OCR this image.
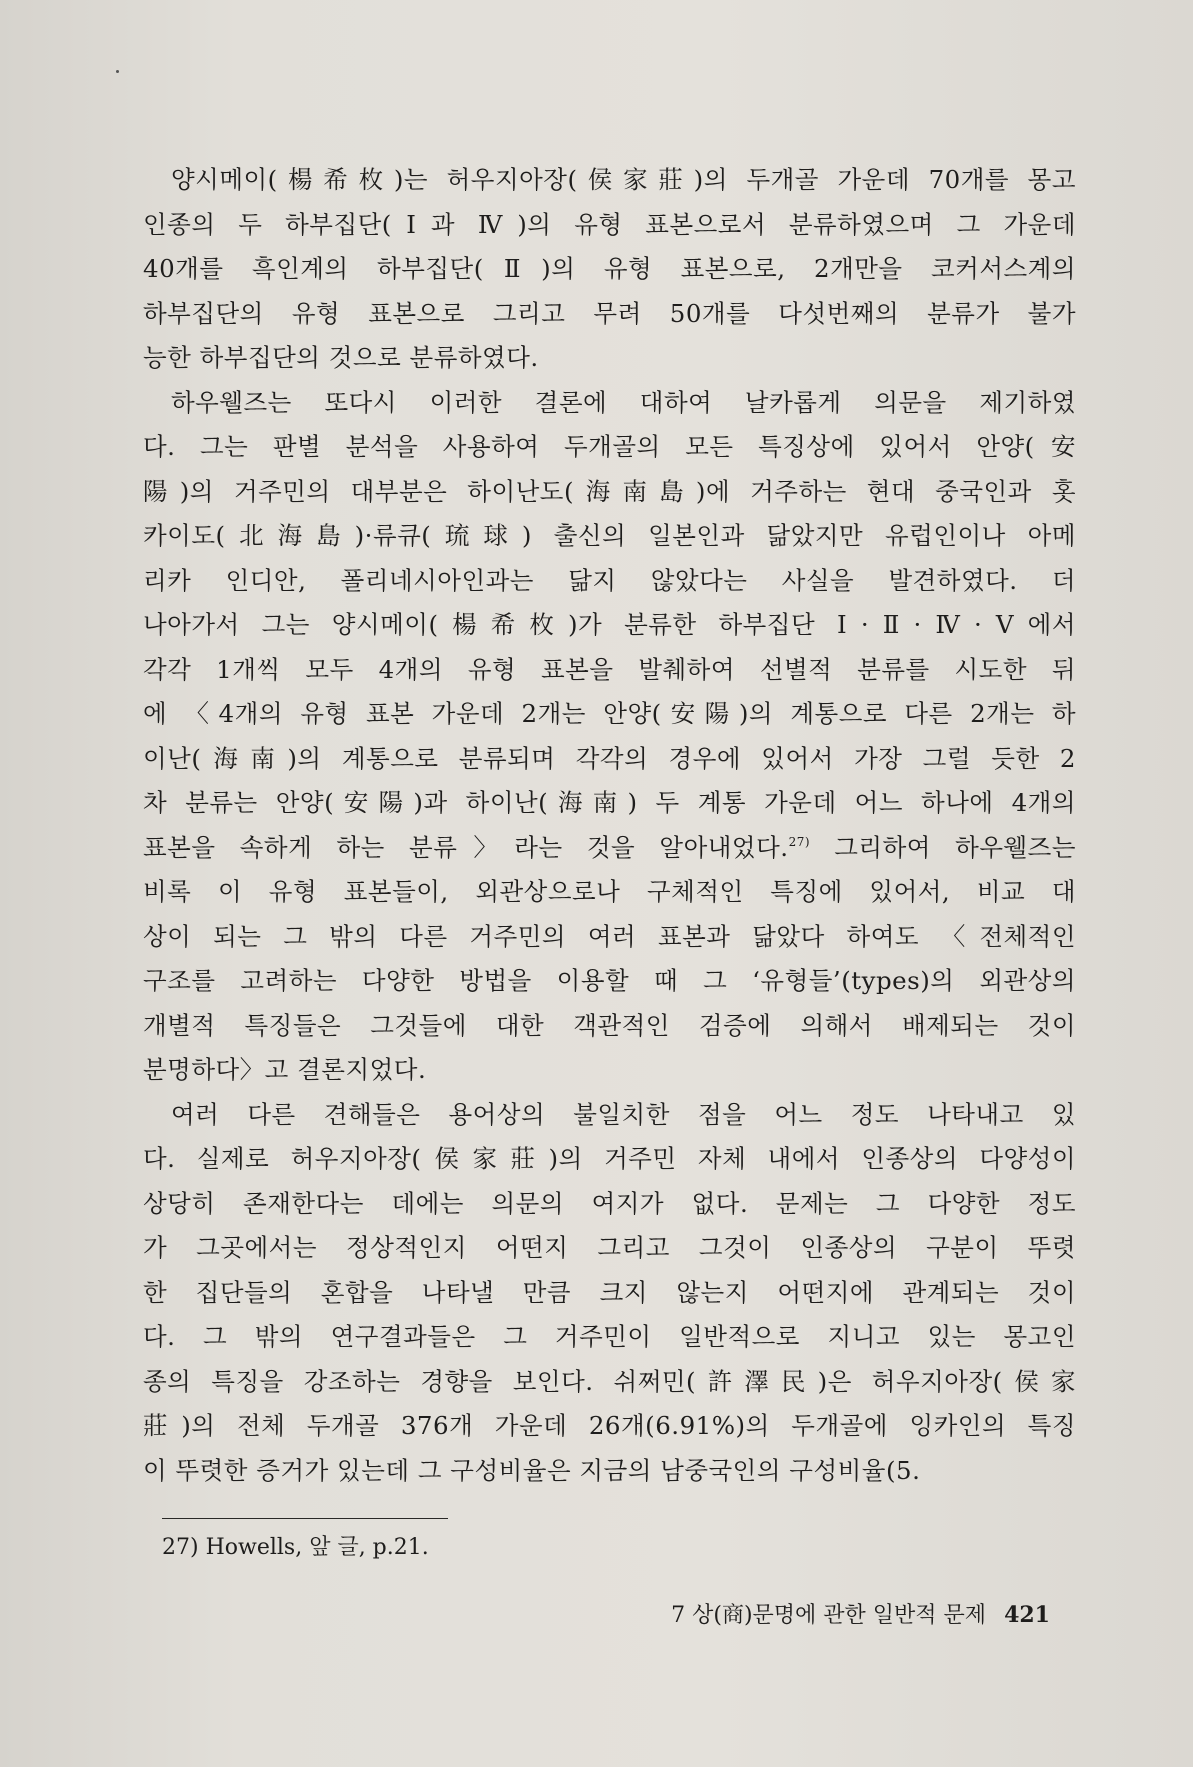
양시메이(楊希枚)는 허우지아장(侯家莊)의 두개골 가운데 70개를 몽고
인종의 두 하부집단(Ⅰ과 Ⅳ)의 유형 표본으로서 분류하였으며 그 가운데
40개를 흑인계의 하부집단(Ⅱ)의 유형 표본으로, 2개만을 코커서스계의
하부집단의 유형 표본으로 그리고 무려 50개를 다섯번째의 분류가 불가
능한 하부집단의 것으로 분류하였다.
하우웰즈는 또다시 이러한 결론에 대하여 날카롭게 의문을 제기하였
다. 그는 판별 분석을 사용하여 두개골의 모든 특징상에 있어서 안양(安
陽)의 거주민의 대부분은 하이난도(海南島)에 거주하는 현대 중국인과 홋
카이도(北海島)·류큐(琉球) 출신의 일본인과 닮았지만 유럽인이나 아메
리카 인디안, 폴리네시아인과는 닮지 않았다는 사실을 발견하였다. 더
나아가서 그는 양시메이(楊希枚)가 분류한 하부집단 Ⅰ·Ⅱ·Ⅳ·Ⅴ에서
각각 1개씩 모두 4개의 유형 표본을 발췌하여 선별적 분류를 시도한 뒤
에 〈4개의 유형 표본 가운데 2개는 안양(安陽)의 계통으로 다른 2개는 하
이난(海南)의 계통으로 분류되며 각각의 경우에 있어서 가장 그럴 듯한 2
차 분류는 안양(安陽)과 하이난(海南) 두 계통 가운데 어느 하나에 4개의
표본을 속하게 하는 분류〉라는 것을 알아내었다.$^{27)}$ 그리하여 하우웰즈는
비록 이 유형 표본들이, 외관상으로나 구체적인 특징에 있어서, 비교 대
상이 되는 그 밖의 다른 거주민의 여러 표본과 닮았다 하여도 〈전체적인
구조를 고려하는 다양한 방법을 이용할 때 그 ‘유형들’(types)의 외관상의
개별적 특징들은 그것들에 대한 객관적인 검증에 의해서 배제되는 것이
분명하다〉고 결론지었다.
여러 다른 견해들은 용어상의 불일치한 점을 어느 정도 나타내고 있
다. 실제로 허우지아장(侯家莊)의 거주민 자체 내에서 인종상의 다양성이
상당히 존재한다는 데에는 의문의 여지가 없다. 문제는 그 다양한 정도
가 그곳에서는 정상적인지 어떤지 그리고 그것이 인종상의 구분이 뚜렷
한 집단들의 혼합을 나타낼 만큼 크지 않는지 어떤지에 관계되는 것이
다. 그 밖의 연구결과들은 그 거주민이 일반적으로 지니고 있는 몽고인
종의 특징을 강조하는 경향을 보인다. 쉬쩌민(許澤民)은 허우지아장(侯家
莊)의 전체 두개골 376개 가운데 26개(6.91%)의 두개골에 잉카인의 특징
이 뚜렷한 증거가 있는데 그 구성비율은 지금의 남중국인의 구성비율(5.
27) Howells, 앞 글, p.21.
7 상(商)문명에 관한 일반적 문제 421
